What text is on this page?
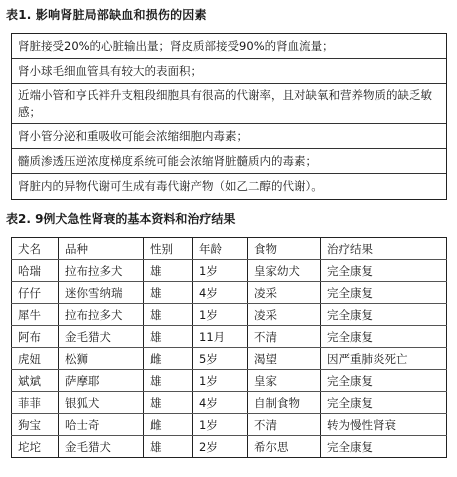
表1. 影响肾脏局部缺血和损伤的因素
肾脏接受20%的心脏输出量；肾皮质部接受90%的肾血流量；
肾小球毛细血管具有较大的表面积；
近端小管和亨氏袢升支粗段细胞具有很高的代谢率，且对缺氧和营养物质的缺乏敏感；
肾小管分泌和重吸收可能会浓缩细胞内毒素；
髓质渗透压逆浓度梯度系统可能会浓缩肾脏髓质内的毒素；
肾脏内的异物代谢可生成有毒代谢产物（如乙二醇的代谢）。
表2. 9例犬急性肾衰的基本资料和治疗结果
犬名	品种	性别	年龄	食物	治疗结果
哈瑞	拉布拉多犬	雄	1岁	皇家幼犬	完全康复
仔仔	迷你雪纳瑞	雄	4岁	凌采	完全康复
犀牛	拉布拉多犬	雄	1岁	凌采	完全康复
阿布	金毛猎犬	雄	11月	不清	完全康复
虎妞	松狮	雌	5岁	渴望	因严重肺炎死亡
斌斌	萨摩耶	雄	1岁	皇家	完全康复
菲菲	银狐犬	雄	4岁	自制食物	完全康复
狗宝	哈士奇	雌	1岁	不清	转为慢性肾衰
坨坨	金毛猎犬	雄	2岁	希尔思	完全康复
